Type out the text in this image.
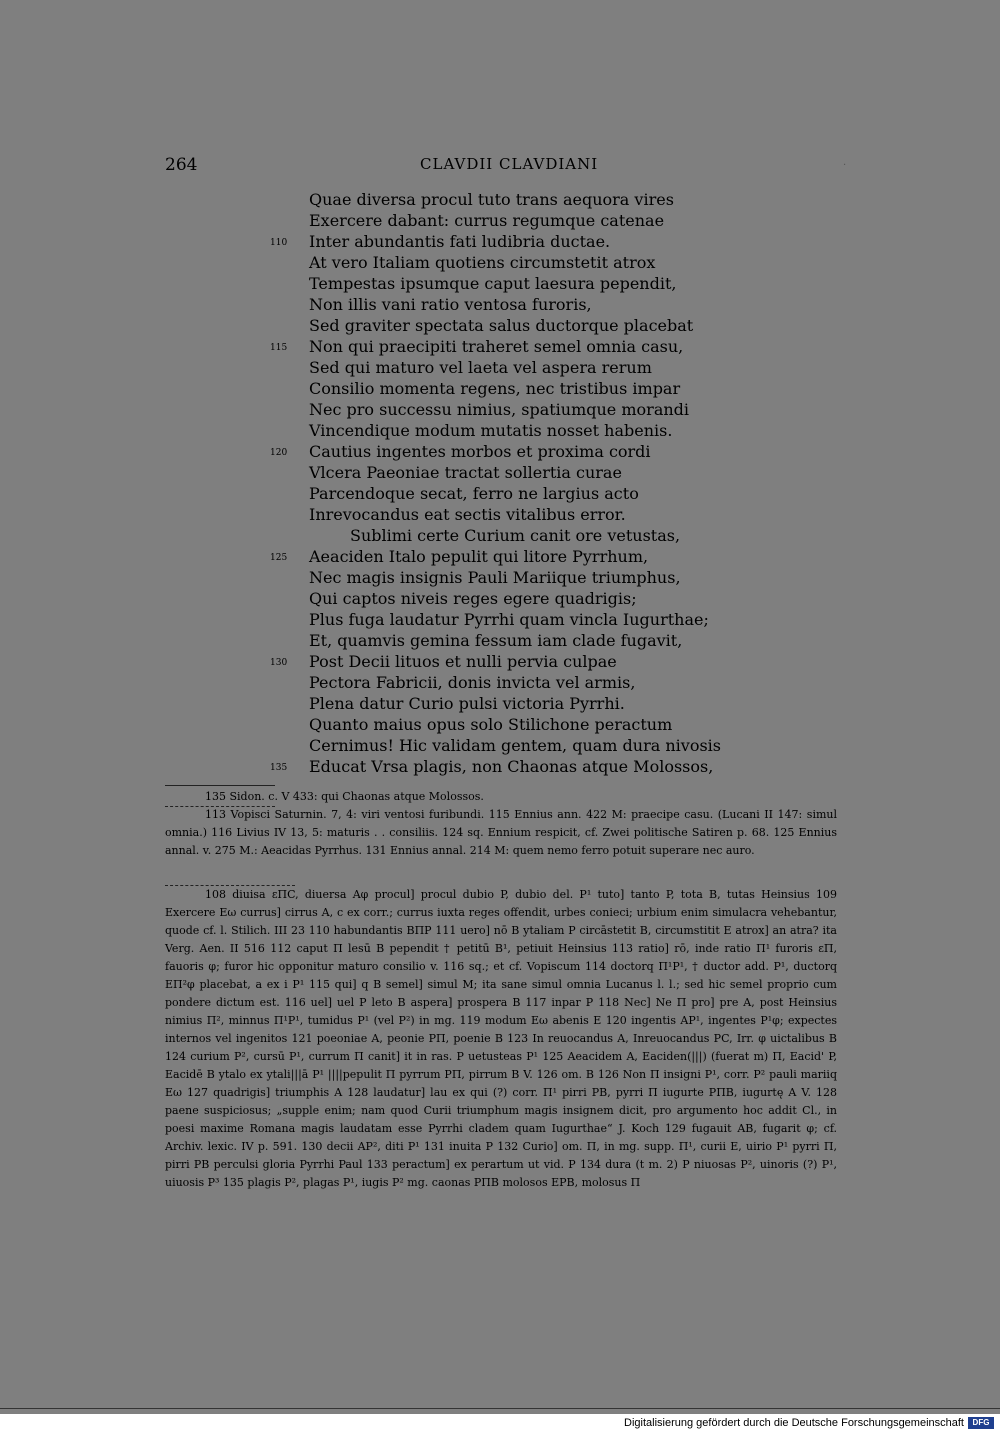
264	CLAVDII CLAVDIANI	·
Quae diversa procul tuto trans aequora vires
Exercere dabant: currus regumque catenae
110 Inter abundantis fati ludibria ductae.
At vero Italiam quotiens circumstetit atrox
Tempestas ipsumque caput laesura pependit,
Non illis vani ratio ventosa furoris,
Sed graviter spectata salus ductorque placebat
115 Non qui praecipiti traheret semel omnia casu,
Sed qui maturo vel laeta vel aspera rerum
Consilio momenta regens, nec tristibus impar
Nec pro successu nimius, spatiumque morandi
Vincendique modum mutatis nosset habenis.
120 Cautius ingentes morbos et proxima cordi
Vlcera Paeoniae tractat sollertia curae
Parcendoque secat, ferro ne largius acto
Inrevocandus eat sectis vitalibus error.
Sublimi certe Curium canit ore vetustas,
125 Aeaciden Italo pepulit qui litore Pyrrhum,
Nec magis insignis Pauli Mariique triumphus,
Qui captos niveis reges egere quadrigis;
Plus fuga laudatur Pyrrhi quam vincla Iugurthae;
Et, quamvis gemina fessum iam clade fugavit,
130 Post Decii lituos et nulli pervia culpae
Pectora Fabricii, donis invicta vel armis,
Plena datur Curio pulsi victoria Pyrrhi.
Quanto maius opus solo Stilichone peractum
Cernimus! Hic validam gentem, quam dura nivosis
135 Educat Vrsa plagis, non Chaonas atque Molossos,

135 Sidon. c. V 433: qui Chaonas atque Molossos.

113 Vopisci Saturnin. 7, 4: viri ventosi furibundi. 115 Ennius ann. 422 M: praecipe casu. (Lucani II 147: simul omnia.) 116 Livius IV 13, 5: maturis . . consiliis. 124 sq. Ennium respicit, cf. Zwei politische Satiren p. 68. 125 Ennius annal. v. 275 M.: Aeacidas Pyrrhus. 131 Ennius annal. 214 M: quem nemo ferro potuit superare nec auro.

108 diuisa εΠC, diuersa Aφ procul] procul dubio P, dubio del. P¹ tuto] tanto P, tota B, tutas Heinsius 109 Exercere Eω currus] cirrus A, c ex corr.; currus iuxta reges offendit, urbes conieci; urbium enim simulacra vehebantur, quode cf. l. Stilich. III 23 110 habundantis BΠP 111 uero] nō B ytaliam P circāstetit B, circumstitit E atrox] an atra? ita Verg. Aen. II 516 112 caput Π lesū B pependit † petitū B¹, petiuit Heinsius 113 ratio] rō, inde ratio Π¹ furoris εΠ, fauoris φ; furor hic opponitur maturo consilio v. 116 sq.; et cf. Vopiscum 114 doctorq Π¹P¹, † ductor add. P¹, ductorq EΠ²φ placebat, a ex i P¹ 115 qui] q B semel] simul M; ita sane simul omnia Lucanus l. l.; sed hic semel proprio cum pondere dictum est. 116 uel] uel P leto B aspera] prospera B 117 inpar P 118 Nec] Ne Π pro] pre A, post Heinsius nimius Π², minnus Π¹P¹, tumidus P¹ (vel P²) in mg. 119 modum Eω abenis E 120 ingentis AP¹, ingentes P¹φ; expectes internos vel ingenitos 121 poeoniae A, peonie PΠ, poenie B 123 In reuocandus A, Inreuocandus PC, Irr. φ uictalibus B 124 curium P², cursū P¹, currum Π canit] it in ras. P uetusteas P¹ 125 Aeacidem A, Eaciden(|||) (fuerat m) Π, Eacid' P, Eacidē B ytalo ex ytali|||ā P¹ ||||pepulit Π pyrrum PΠ, pirrum B V. 126 om. B 126 Non Π insigni P¹, corr. P² pauli mariiq Eω 127 quadrigis] triumphis A 128 laudatur] lau ex qui (?) corr. Π¹ pirri PB, pyrri Π iugurte PΠB, iugurtę A V. 128 paene suspiciosus; „supple enim; nam quod Curii triumphum magis insignem dicit, pro argumento hoc addit Cl., in poesi maxime Romana magis laudatam esse Pyrrhi cladem quam Iugurthae“ J. Koch 129 fugauit AB, fugarit φ; cf. Archiv. lexic. IV p. 591. 130 decii AP², diti P¹ 131 inuita P 132 Curio] om. Π, in mg. supp. Π¹, curii E, uirio P¹ pyrri Π, pirri PB perculsi gloria Pyrrhi Paul 133 peractum] ex perartum ut vid. P 134 dura (t m. 2) P niuosas P², uinoris (?) P¹, uiuosis P³ 135 plagis P², plagas P¹, iugis P² mg. caonas PΠB molosos EPB, molosus Π

Digitalisierung gefördert durch die Deutsche Forschungsgemeinschaft	DFG
